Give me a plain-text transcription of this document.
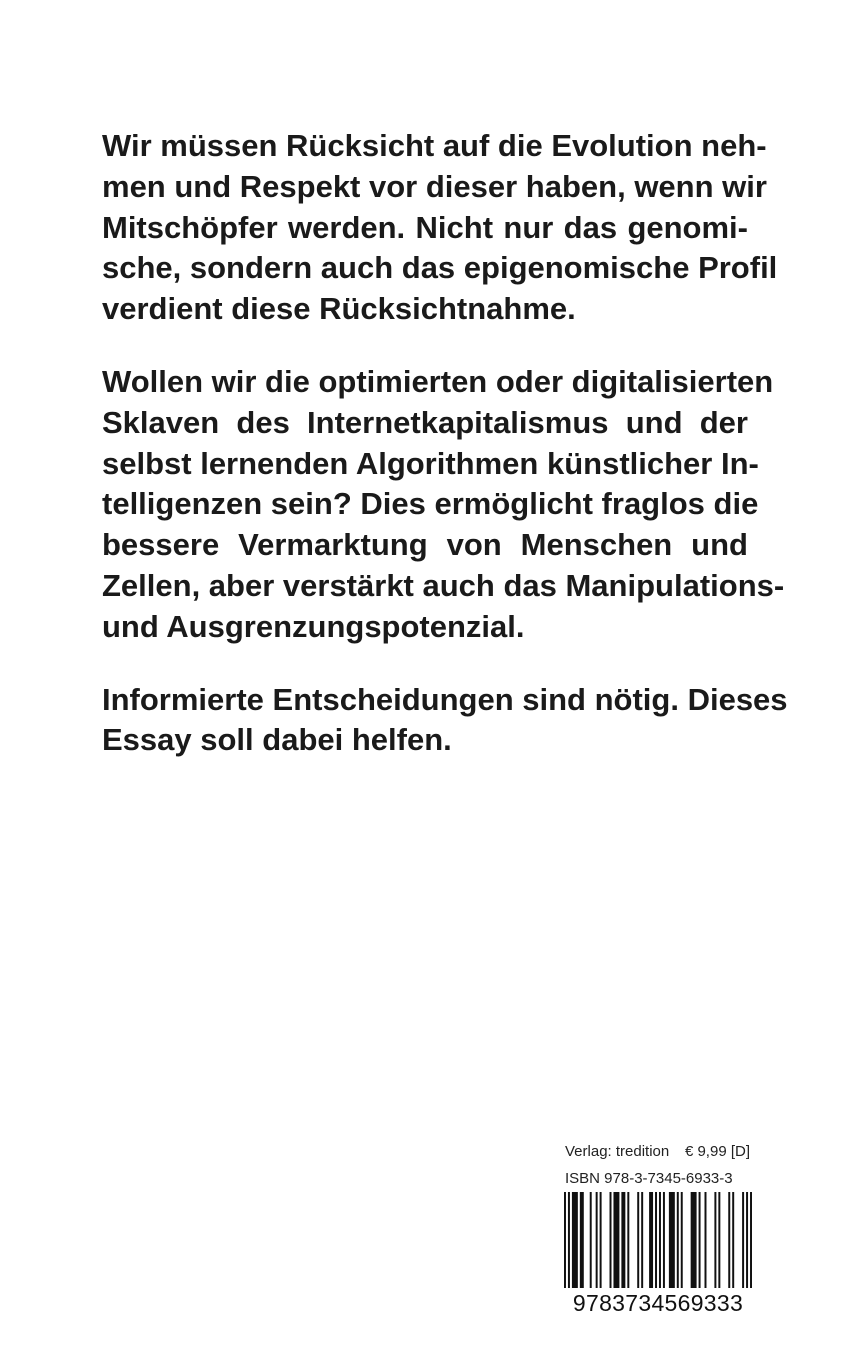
Wir müssen Rücksicht auf die Evolution neh-
men und Respekt vor dieser haben, wenn wir
Mitschöpfer werden. Nicht nur das genomi-
sche, sondern auch das epigenomische Profil
verdient diese Rücksichtnahme.

Wollen wir die optimierten oder digitalisierten
Sklaven des Internetkapitalismus und der
selbst lernenden Algorithmen künstlicher In-
telligenzen sein? Dies ermöglicht fraglos die
bessere Vermarktung von Menschen und
Zellen, aber verstärkt auch das Manipulations-
und Ausgrenzungspotenzial.

Informierte Entscheidungen sind nötig. Dieses
Essay soll dabei helfen.

Verlag: tredition € 9,99 [D]
ISBN 978-3-7345-6933-3
9783734569333
